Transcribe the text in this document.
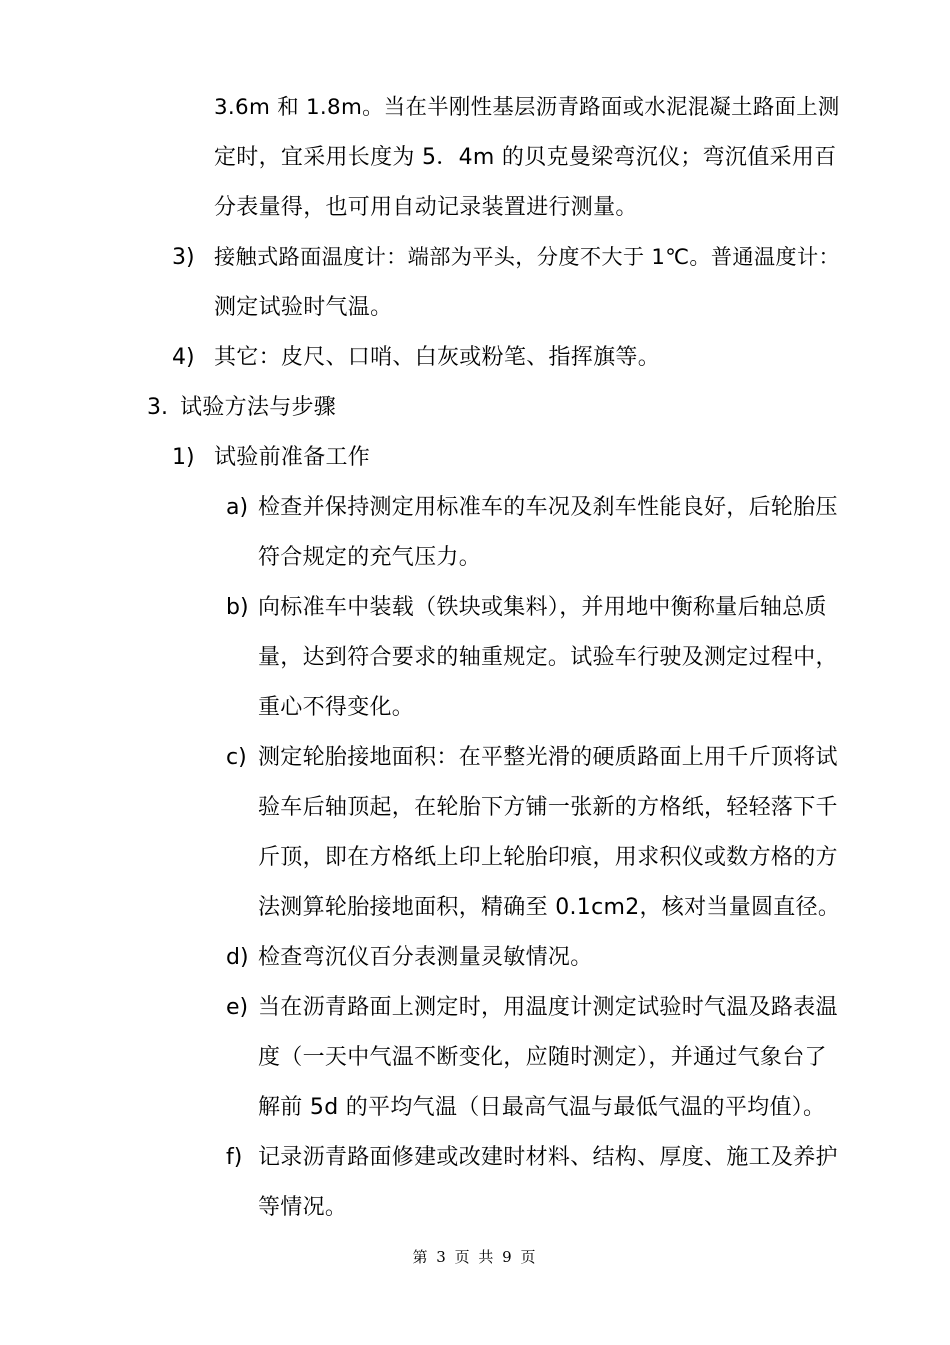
3.6m 和 1.8m。当在半刚性基层沥青路面或水泥混凝土路面上测
定时，宜采用长度为 5．4m 的贝克曼梁弯沉仪；弯沉值采用百
分表量得，也可用自动记录装置进行测量。
3) 接触式路面温度计：端部为平头，分度不大于 1℃。普通温度计：
测定试验时气温。
4) 其它：皮尺、口哨、白灰或粉笔、指挥旗等。
3. 试验方法与步骤
1) 试验前准备工作
a) 检查并保持测定用标准车的车况及刹车性能良好，后轮胎压
符合规定的充气压力。
b) 向标准车中装载（铁块或集料），并用地中衡称量后轴总质
量，达到符合要求的轴重规定。试验车行驶及测定过程中，
重心不得变化。
c) 测定轮胎接地面积：在平整光滑的硬质路面上用千斤顶将试
验车后轴顶起，在轮胎下方铺一张新的方格纸，轻轻落下千
斤顶，即在方格纸上印上轮胎印痕，用求积仪或数方格的方
法测算轮胎接地面积，精确至 0.1cm2，核对当量圆直径。
d) 检查弯沉仪百分表测量灵敏情况。
e) 当在沥青路面上测定时，用温度计测定试验时气温及路表温
度（一天中气温不断变化，应随时测定），并通过气象台了
解前 5d 的平均气温（日最高气温与最低气温的平均值）。
f) 记录沥青路面修建或改建时材料、结构、厚度、施工及养护
等情况。
第 3 页 共 9 页
